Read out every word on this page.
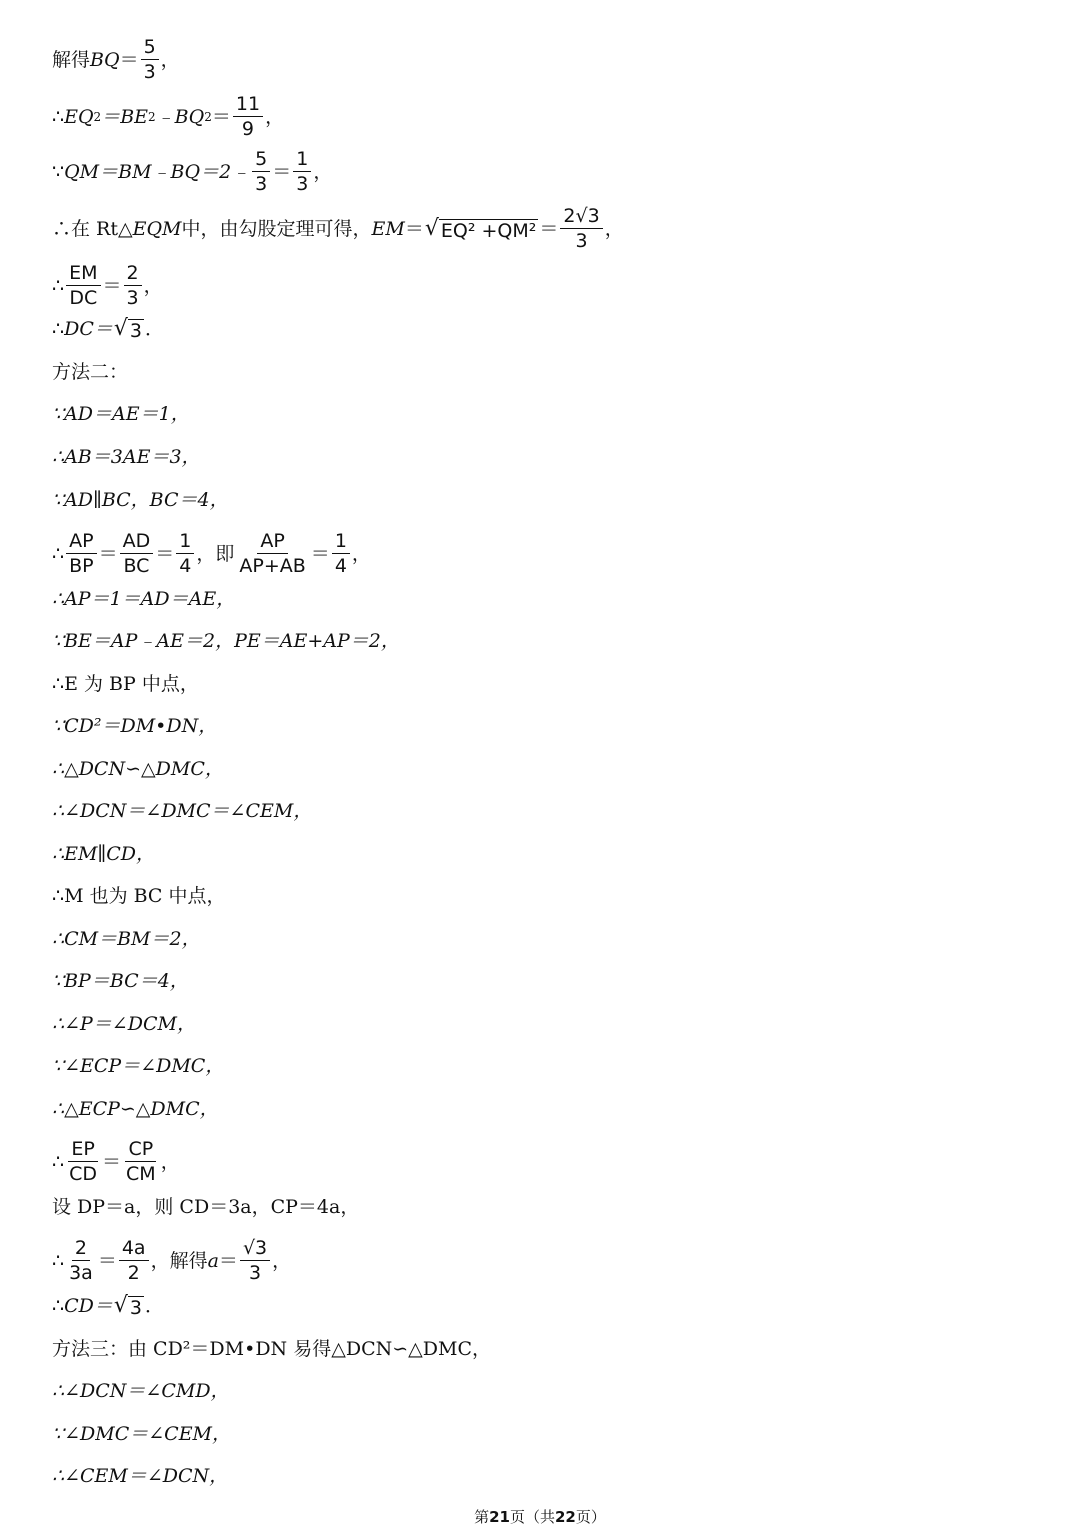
解得 BQ ＝ $\frac{5}{3}$ ，
∴ EQ 2 ＝BE 2 ﹣BQ $2 = \frac{11}{9}$ ，
∵ QM＝BM﹣BQ＝2﹣ $\frac{5}{3} = \frac{1}{3}$ ，
∴在 Rt△ EQM 中，由勾股定理可得， EM ＝ √ $EQ^2 +QM^2 = \frac{2√3}{3}$ ，
∴ $\frac{EM}{DC} = \frac{2}{3}$ ，
∴ DC＝ √ 3 ．
方法二：
∵AD＝AE＝1，
∴AB＝3AE＝3，
∵AD∥BC，BC＝4，
∴ $\frac{AP}{BP} = \frac{AD}{BC} = \frac{1}{4}$ ，即 $\frac{AP}{AP+AB} = \frac{1}{4}$ ，
∴AP＝1＝AD＝AE，
∵BE＝AP﹣AE＝2，PE＝AE+AP＝2，
∴E 为 BP 中点，
∵CD²＝DM•DN，
∴△DCN∽△DMC，
∴∠DCN＝∠DMC＝∠CEM，
∴EM∥CD，
∴M 也为 BC 中点，
∴CM＝BM＝2，
∵BP＝BC＝4，
∴∠P＝∠DCM，
∵∠ECP＝∠DMC，
∴△ECP∽△DMC，
∴ $\frac{EP}{CD} = \frac{CP}{CM}$ ，
设 DP＝a，则 CD＝3a，CP＝4a，
∴ $\frac{2}{3a} = \frac{4a}{2}$ ，解得 $a = \frac{√3}{3}$ ，
∴ CD＝ √ 3 ．
方法三：由 CD²＝DM•DN 易得△DCN∽△DMC，
∴∠DCN＝∠CMD，
∵∠DMC＝∠CEM，
∴∠CEM＝∠DCN，
第21页（共22页）
